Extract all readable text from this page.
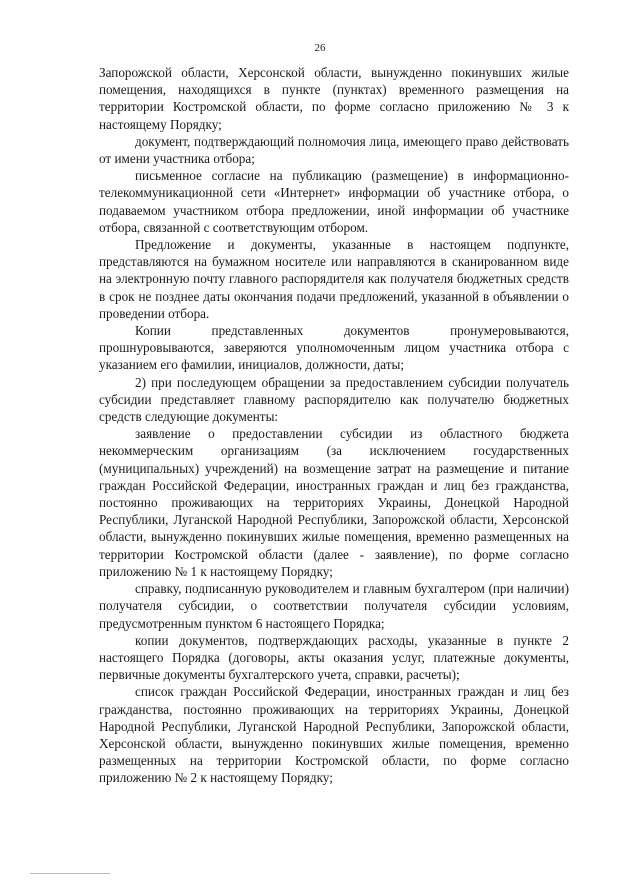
26

Запорожской области, Херсонской области, вынужденно покинувших жилые помещения, находящихся в пункте (пунктах) временного размещения на территории Костромской области, по форме согласно приложению № 3 к настоящему Порядку;

документ, подтверждающий полномочия лица, имеющего право действовать от имени участника отбора;

письменное согласие на публикацию (размещение) в информационно-телекоммуникационной сети «Интернет» информации об участнике отбора, о подаваемом участником отбора предложении, иной информации об участнике отбора, связанной с соответствующим отбором.

Предложение и документы, указанные в настоящем подпункте, представляются на бумажном носителе или направляются в сканированном виде на электронную почту главного распорядителя как получателя бюджетных средств в срок не позднее даты окончания подачи предложений, указанной в объявлении о проведении отбора.

Копии представленных документов пронумеровываются, прошнуровываются, заверяются уполномоченным лицом участника отбора с указанием его фамилии, инициалов, должности, даты;

2) при последующем обращении за предоставлением субсидии получатель субсидии представляет главному распорядителю как получателю бюджетных средств следующие документы:

заявление о предоставлении субсидии из областного бюджета некоммерческим организациям (за исключением государственных (муниципальных) учреждений) на возмещение затрат на размещение и питание граждан Российской Федерации, иностранных граждан и лиц без гражданства, постоянно проживающих на территориях Украины, Донецкой Народной Республики, Луганской Народной Республики, Запорожской области, Херсонской области, вынужденно покинувших жилые помещения, временно размещенных на территории Костромской области (далее - заявление), по форме согласно приложению № 1 к настоящему Порядку;

справку, подписанную руководителем и главным бухгалтером (при наличии) получателя субсидии, о соответствии получателя субсидии условиям, предусмотренным пунктом 6 настоящего Порядка;

копии документов, подтверждающих расходы, указанные в пункте 2 настоящего Порядка (договоры, акты оказания услуг, платежные документы, первичные документы бухгалтерского учета, справки, расчеты);

список граждан Российской Федерации, иностранных граждан и лиц без гражданства, постоянно проживающих на территориях Украины, Донецкой Народной Республики, Луганской Народной Республики, Запорожской области, Херсонской области, вынужденно покинувших жилые помещения, временно размещенных на территории Костромской области, по форме согласно приложению № 2 к настоящему Порядку;
